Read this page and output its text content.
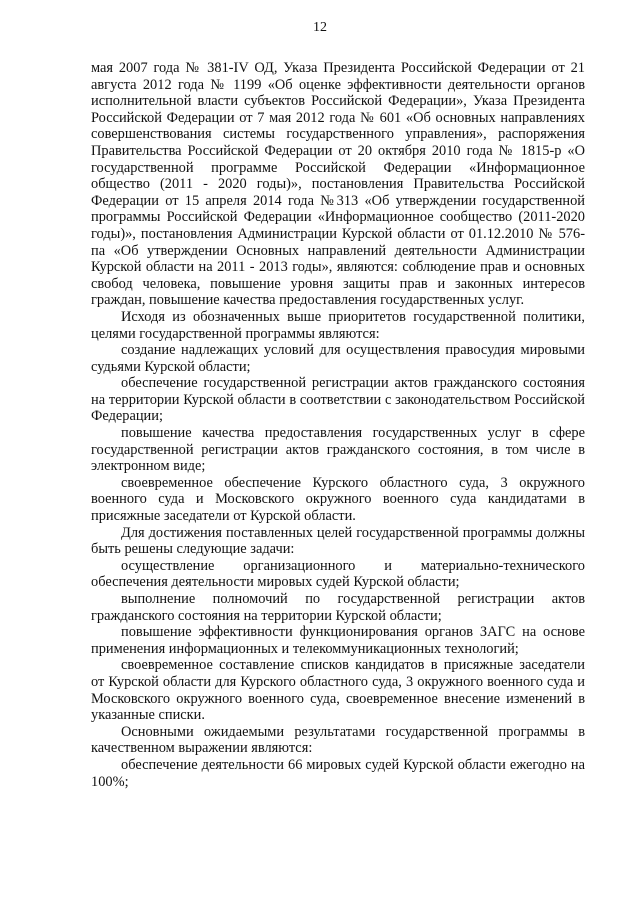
12

мая 2007 года № 381-IV ОД, Указа Президента Российской Федерации от 21 августа 2012 года № 1199 «Об оценке эффективности деятельности органов исполнительной власти субъектов Российской Федерации», Указа Президента Российской Федерации от 7 мая 2012 года № 601 «Об основных направлениях совершенствования системы государственного управления», распоряжения Правительства Российской Федерации от 20 октября 2010 года № 1815-р «О государственной программе Российской Федерации «Информационное общество (2011 - 2020 годы)», постановления Правительства Российской Федерации от 15 апреля 2014 года №313 «Об утверждении государственной программы Российской Федерации «Информационное сообщество (2011-2020 годы)», постановления Администрации Курской области от 01.12.2010 № 576-па «Об утверждении Основных направлений деятельности Администрации Курской области на 2011 - 2013 годы», являются: соблюдение прав и основных свобод человека, повышение уровня защиты прав и законных интересов граждан, повышение качества предоставления государственных услуг.

Исходя из обозначенных выше приоритетов государственной политики, целями государственной программы являются:

создание надлежащих условий для осуществления правосудия мировыми судьями Курской области;

обеспечение государственной регистрации актов гражданского состояния на территории Курской области в соответствии с законодательством Российской Федерации;

повышение качества предоставления государственных услуг в сфере государственной регистрации актов гражданского состояния, в том числе в электронном виде;

своевременное обеспечение Курского областного суда, 3 окружного военного суда и Московского окружного военного суда кандидатами в присяжные заседатели от Курской области.

Для достижения поставленных целей государственной программы должны быть решены следующие задачи:

осуществление организационного и материально-технического обеспечения деятельности мировых судей Курской области;

выполнение полномочий по государственной регистрации актов гражданского состояния на территории Курской области;

повышение эффективности функционирования органов ЗАГС на основе применения информационных и телекоммуникационных технологий;

своевременное составление списков кандидатов в присяжные заседатели от Курской области для Курского областного суда, 3 окружного военного суда и Московского окружного военного суда, своевременное внесение изменений в указанные списки.

Основными ожидаемыми результатами государственной программы в качественном выражении являются:

обеспечение деятельности 66 мировых судей Курской области ежегодно на 100%;
